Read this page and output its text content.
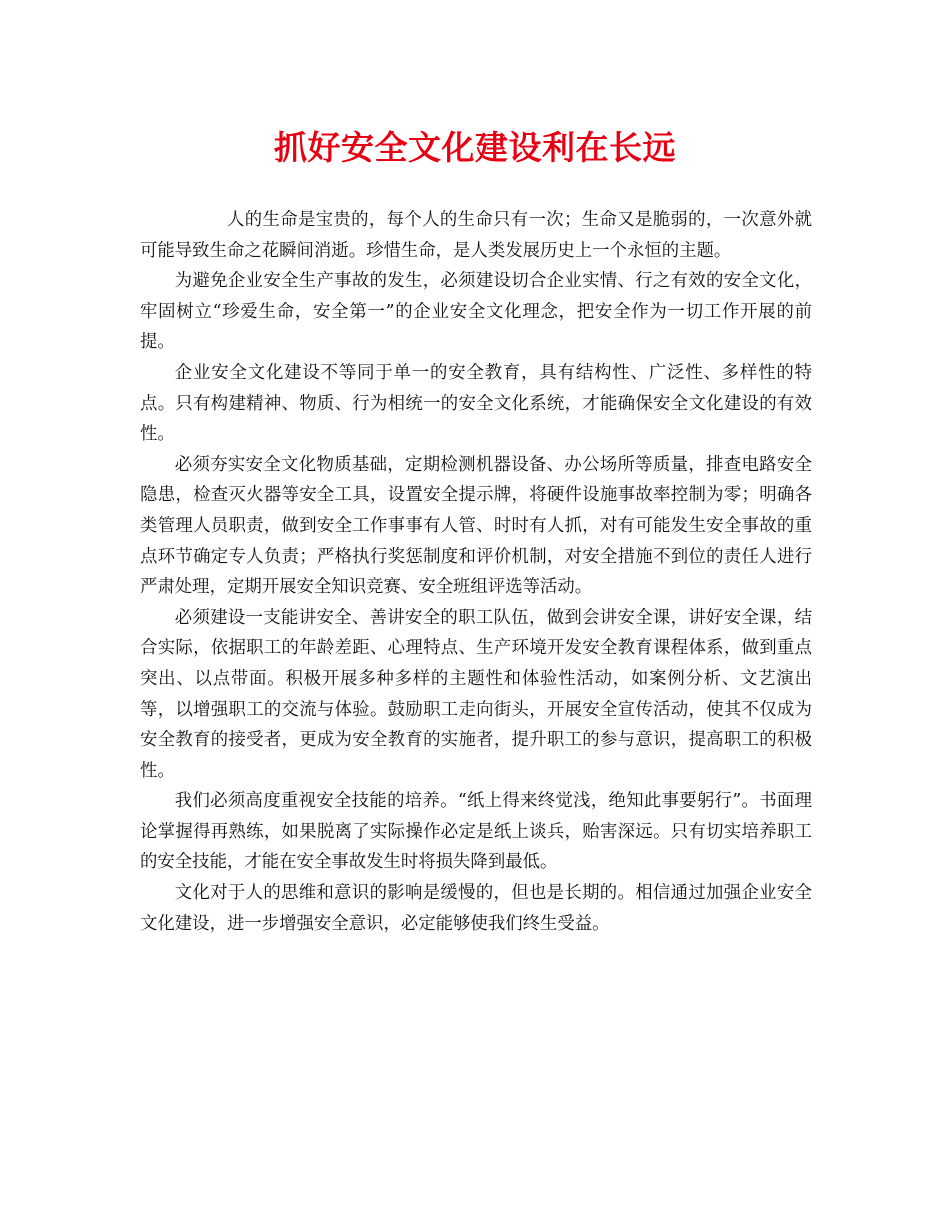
抓好安全文化建设利在长远

人的生命是宝贵的，每个人的生命只有一次；生命又是脆弱的，一次意外就可能导致生命之花瞬间消逝。珍惜生命，是人类发展历史上一个永恒的主题。

为避免企业安全生产事故的发生，必须建设切合企业实情、行之有效的安全文化，牢固树立“珍爱生命，安全第一”的企业安全文化理念，把安全作为一切工作开展的前提。

企业安全文化建设不等同于单一的安全教育，具有结构性、广泛性、多样性的特点。只有构建精神、物质、行为相统一的安全文化系统，才能确保安全文化建设的有效性。

必须夯实安全文化物质基础，定期检测机器设备、办公场所等质量，排查电路安全隐患，检查灭火器等安全工具，设置安全提示牌，将硬件设施事故率控制为零；明确各类管理人员职责，做到安全工作事事有人管、时时有人抓，对有可能发生安全事故的重点环节确定专人负责；严格执行奖惩制度和评价机制，对安全措施不到位的责任人进行严肃处理，定期开展安全知识竞赛、安全班组评选等活动。

必须建设一支能讲安全、善讲安全的职工队伍，做到会讲安全课，讲好安全课，结合实际，依据职工的年龄差距、心理特点、生产环境开发安全教育课程体系，做到重点突出、以点带面。积极开展多种多样的主题性和体验性活动，如案例分析、文艺演出等，以增强职工的交流与体验。鼓励职工走向街头，开展安全宣传活动，使其不仅成为安全教育的接受者，更成为安全教育的实施者，提升职工的参与意识，提高职工的积极性。

我们必须高度重视安全技能的培养。“纸上得来终觉浅，绝知此事要躬行”。书面理论掌握得再熟练，如果脱离了实际操作必定是纸上谈兵，贻害深远。只有切实培养职工的安全技能，才能在安全事故发生时将损失降到最低。

文化对于人的思维和意识的影响是缓慢的，但也是长期的。相信通过加强企业安全文化建设，进一步增强安全意识，必定能够使我们终生受益。
